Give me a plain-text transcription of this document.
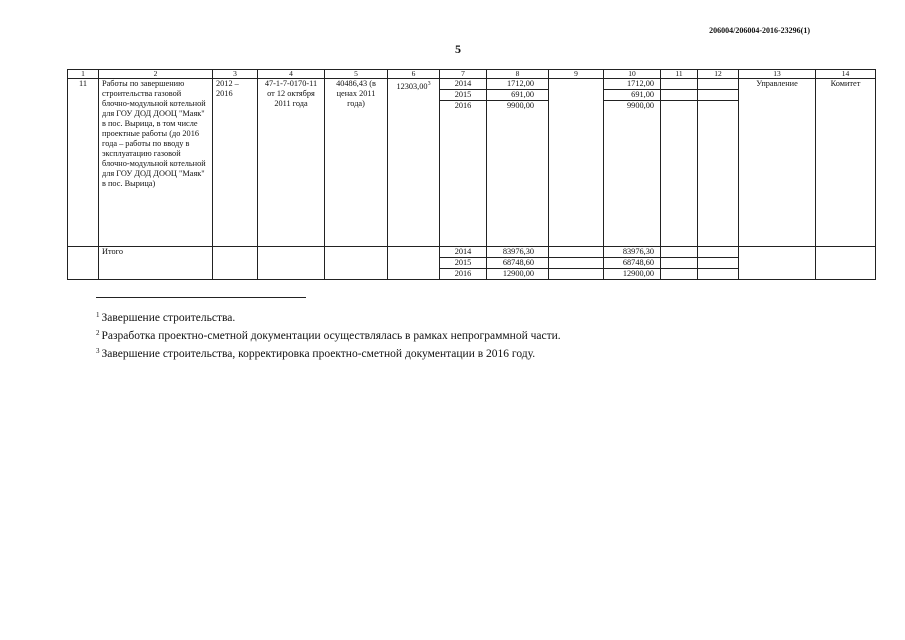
206004/206004-2016-23296(1)
5
1	2	3	4	5	6	7	8	9	10	11	12	13	14
11	Работы по завершению строительства газовой блочно-модульной котельной для ГОУ ДОД ДООЦ "Маяк" в пос. Вырица, в том числе проектные работы (до 2016 года – работы по вводу в эксплуатацию газовой блочно-модульной котельной для ГОУ ДОД ДООЦ "Маяк" в пос. Вырица)	2012 – 2016	47-1-7-0170-11 от 12 октября 2011 года	40486,43 (в ценах 2011 года)	12303,00$^3$	2014	1712,00		1712,00			Управление	Комитет
						2015	691,00		691,00				
						2016	9900,00		9900,00				
	Итого					2014	83976,30		83976,30				
						2015	68748,60		68748,60				
						2016	12900,00		12900,00				
$^1$ Завершение строительства.
$^2$ Разработка проектно-сметной документации осуществлялась в рамках непрограммной части.
$^3$ Завершение строительства, корректировка проектно-сметной документации в 2016 году.
